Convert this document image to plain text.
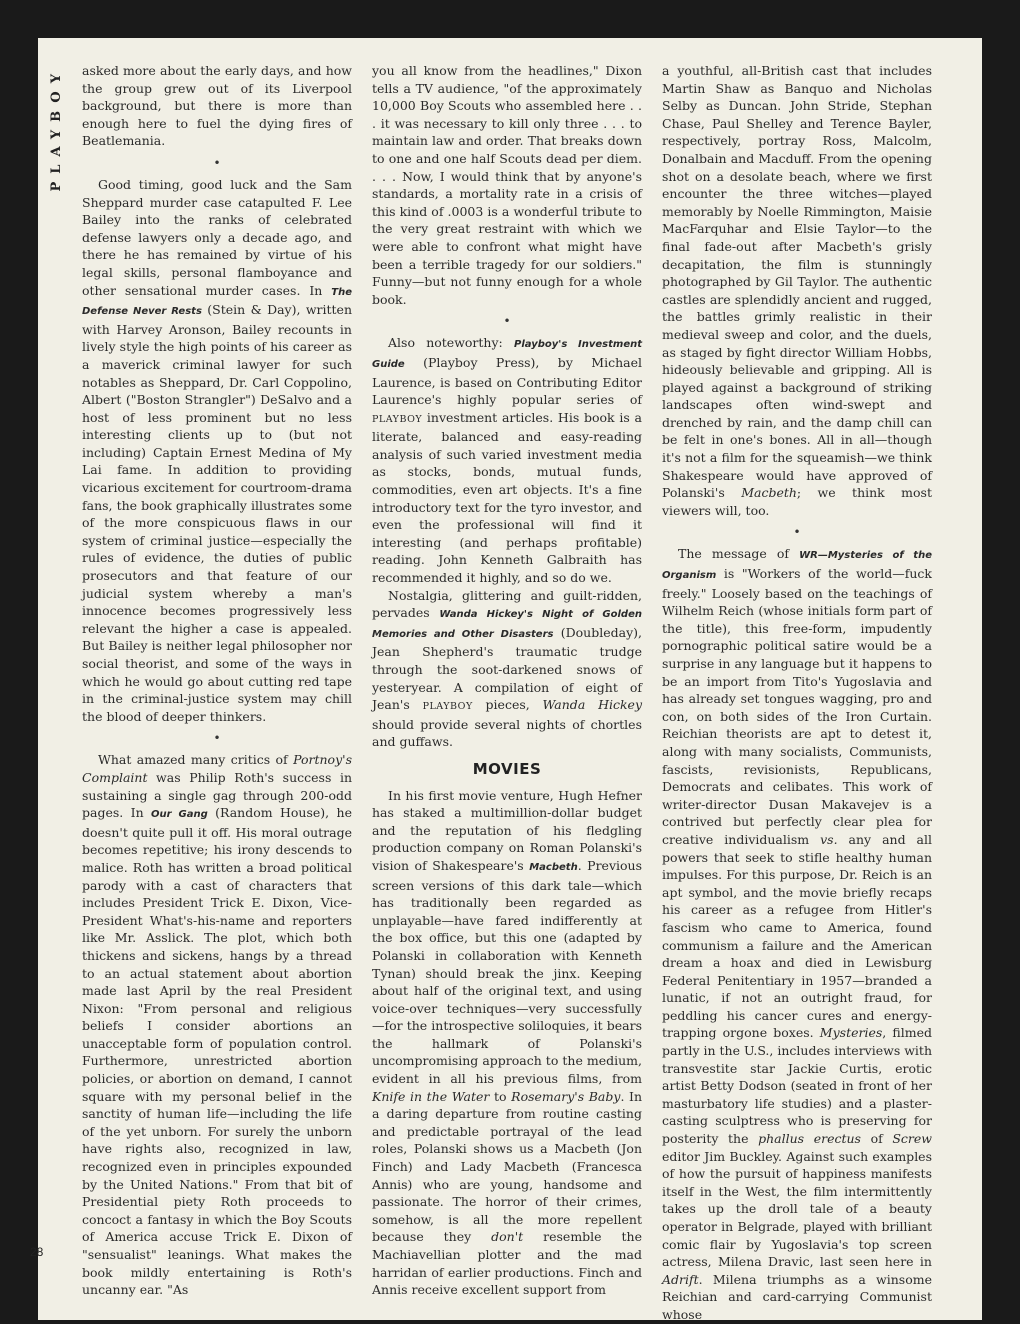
PLAYBOY
28

asked more about the early days, and how the group grew out of its Liverpool background, but there is more than enough here to fuel the dying fires of Beatlemania.

•

Good timing, good luck and the Sam Sheppard murder case catapulted F. Lee Bailey into the ranks of celebrated defense lawyers only a decade ago, and there he has remained by virtue of his legal skills, personal flamboyance and other sensational murder cases. In The Defense Never Rests (Stein & Day), written with Harvey Aronson, Bailey recounts in lively style the high points of his career as a maverick criminal lawyer for such notables as Sheppard, Dr. Carl Coppolino, Albert ("Boston Strangler") DeSalvo and a host of less prominent but no less interesting clients up to (but not including) Captain Ernest Medina of My Lai fame. In addition to providing vicarious excitement for courtroom-drama fans, the book graphically illustrates some of the more conspicuous flaws in our system of criminal justice—especially the rules of evidence, the duties of public prosecutors and that feature of our judicial system whereby a man's innocence becomes progressively less relevant the higher a case is appealed. But Bailey is neither legal philosopher nor social theorist, and some of the ways in which he would go about cutting red tape in the criminal-justice system may chill the blood of deeper thinkers.

•

What amazed many critics of Portnoy's Complaint was Philip Roth's success in sustaining a single gag through 200-odd pages. In Our Gang (Random House), he doesn't quite pull it off. His moral outrage becomes repetitive; his irony descends to malice. Roth has written a broad political parody with a cast of characters that includes President Trick E. Dixon, Vice-President What's-his-name and reporters like Mr. Asslick. The plot, which both thickens and sickens, hangs by a thread to an actual statement about abortion made last April by the real President Nixon: "From personal and religious beliefs I consider abortions an unacceptable form of population control. Furthermore, unrestricted abortion policies, or abortion on demand, I cannot square with my personal belief in the sanctity of human life—including the life of the yet unborn. For surely the unborn have rights also, recognized in law, recognized even in principles expounded by the United Nations." From that bit of Presidential piety Roth proceeds to concoct a fantasy in which the Boy Scouts of America accuse Trick E. Dixon of "sensualist" leanings. What makes the book mildly entertaining is Roth's uncanny ear. "As

you all know from the headlines," Dixon tells a TV audience, "of the approximately 10,000 Boy Scouts who assembled here . . . it was necessary to kill only three . . . to maintain law and order. That breaks down to one and one half Scouts dead per diem. . . . Now, I would think that by anyone's standards, a mortality rate in a crisis of this kind of .0003 is a wonderful tribute to the very great restraint with which we were able to confront what might have been a terrible tragedy for our soldiers." Funny—but not funny enough for a whole book.

•

Also noteworthy: Playboy's Investment Guide (Playboy Press), by Michael Laurence, is based on Contributing Editor Laurence's highly popular series of PLAYBOY investment articles. His book is a literate, balanced and easy-reading analysis of such varied investment media as stocks, bonds, mutual funds, commodities, even art objects. It's a fine introductory text for the tyro investor, and even the professional will find it interesting (and perhaps profitable) reading. John Kenneth Galbraith has recommended it highly, and so do we.

Nostalgia, glittering and guilt-ridden, pervades Wanda Hickey's Night of Golden Memories and Other Disasters (Doubleday), Jean Shepherd's traumatic trudge through the soot-darkened snows of yesteryear. A compilation of eight of Jean's PLAYBOY pieces, Wanda Hickey should provide several nights of chortles and guffaws.

MOVIES

In his first movie venture, Hugh Hefner has staked a multimillion-dollar budget and the reputation of his fledgling production company on Roman Polanski's vision of Shakespeare's Macbeth. Previous screen versions of this dark tale—which has traditionally been regarded as unplayable—have fared indifferently at the box office, but this one (adapted by Polanski in collaboration with Kenneth Tynan) should break the jinx. Keeping about half of the original text, and using voice-over techniques—very successfully—for the introspective soliloquies, it bears the hallmark of Polanski's uncompromising approach to the medium, evident in all his previous films, from Knife in the Water to Rosemary's Baby. In a daring departure from routine casting and predictable portrayal of the lead roles, Polanski shows us a Macbeth (Jon Finch) and Lady Macbeth (Francesca Annis) who are young, handsome and passionate. The horror of their crimes, somehow, is all the more repellent because they don't resemble the Machiavellian plotter and the mad harridan of earlier productions. Finch and Annis receive excellent support from

a youthful, all-British cast that includes Martin Shaw as Banquo and Nicholas Selby as Duncan. John Stride, Stephan Chase, Paul Shelley and Terence Bayler, respectively, portray Ross, Malcolm, Donalbain and Macduff. From the opening shot on a desolate beach, where we first encounter the three witches—played memorably by Noelle Rimmington, Maisie MacFarquhar and Elsie Taylor—to the final fade-out after Macbeth's grisly decapitation, the film is stunningly photographed by Gil Taylor. The authentic castles are splendidly ancient and rugged, the battles grimly realistic in their medieval sweep and color, and the duels, as staged by fight director William Hobbs, hideously believable and gripping. All is played against a background of striking landscapes often wind-swept and drenched by rain, and the damp chill can be felt in one's bones. All in all—though it's not a film for the squeamish—we think Shakespeare would have approved of Polanski's Macbeth; we think most viewers will, too.

•

The message of WR—Mysteries of the Organism is "Workers of the world—fuck freely." Loosely based on the teachings of Wilhelm Reich (whose initials form part of the title), this free-form, impudently pornographic political satire would be a surprise in any language but it happens to be an import from Tito's Yugoslavia and has already set tongues wagging, pro and con, on both sides of the Iron Curtain. Reichian theorists are apt to detest it, along with many socialists, Communists, fascists, revisionists, Republicans, Democrats and celibates. This work of writer-director Dusan Makavejev is a contrived but perfectly clear plea for creative individualism vs. any and all powers that seek to stifle healthy human impulses. For this purpose, Dr. Reich is an apt symbol, and the movie briefly recaps his career as a refugee from Hitler's fascism who came to America, found communism a failure and the American dream a hoax and died in Lewisburg Federal Penitentiary in 1957—branded a lunatic, if not an outright fraud, for peddling his cancer cures and energy-trapping orgone boxes. Mysteries, filmed partly in the U.S., includes interviews with transvestite star Jackie Curtis, erotic artist Betty Dodson (seated in front of her masturbatory life studies) and a plaster-casting sculptress who is preserving for posterity the phallus erectus of Screw editor Jim Buckley. Against such examples of how the pursuit of happiness manifests itself in the West, the film intermittently takes up the droll tale of a beauty operator in Belgrade, played with brilliant comic flair by Yugoslavia's top screen actress, Milena Dravic, last seen here in Adrift. Milena triumphs as a winsome Reichian and card-carrying Communist whose
